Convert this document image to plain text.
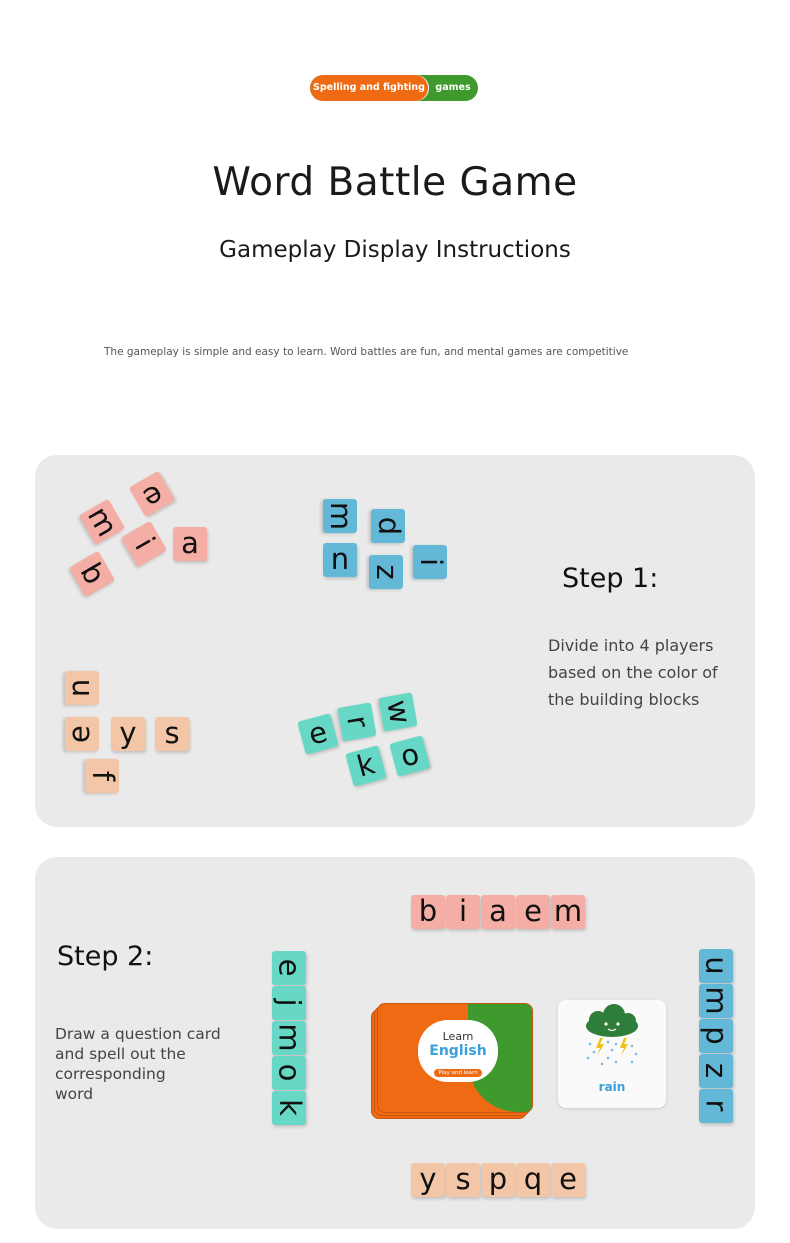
Spelling and fighting	games
Word Battle Game
Gameplay Display Instructions
The gameplay is simple and easy to learn. Word battles are fun, and mental games are competitive
ə
m
i a
b
m d
n z
i
u
ə y s
f
w
e r
k o
Step 1:
Divide into 4 players
based on the color of
the building blocks
Step 2:
Draw a question card
and spell out the
corresponding
word
b i a e m
e
j
m
o
k
u
m
p
z
r
Learn
English
Play and learn
rain
y s p q e
